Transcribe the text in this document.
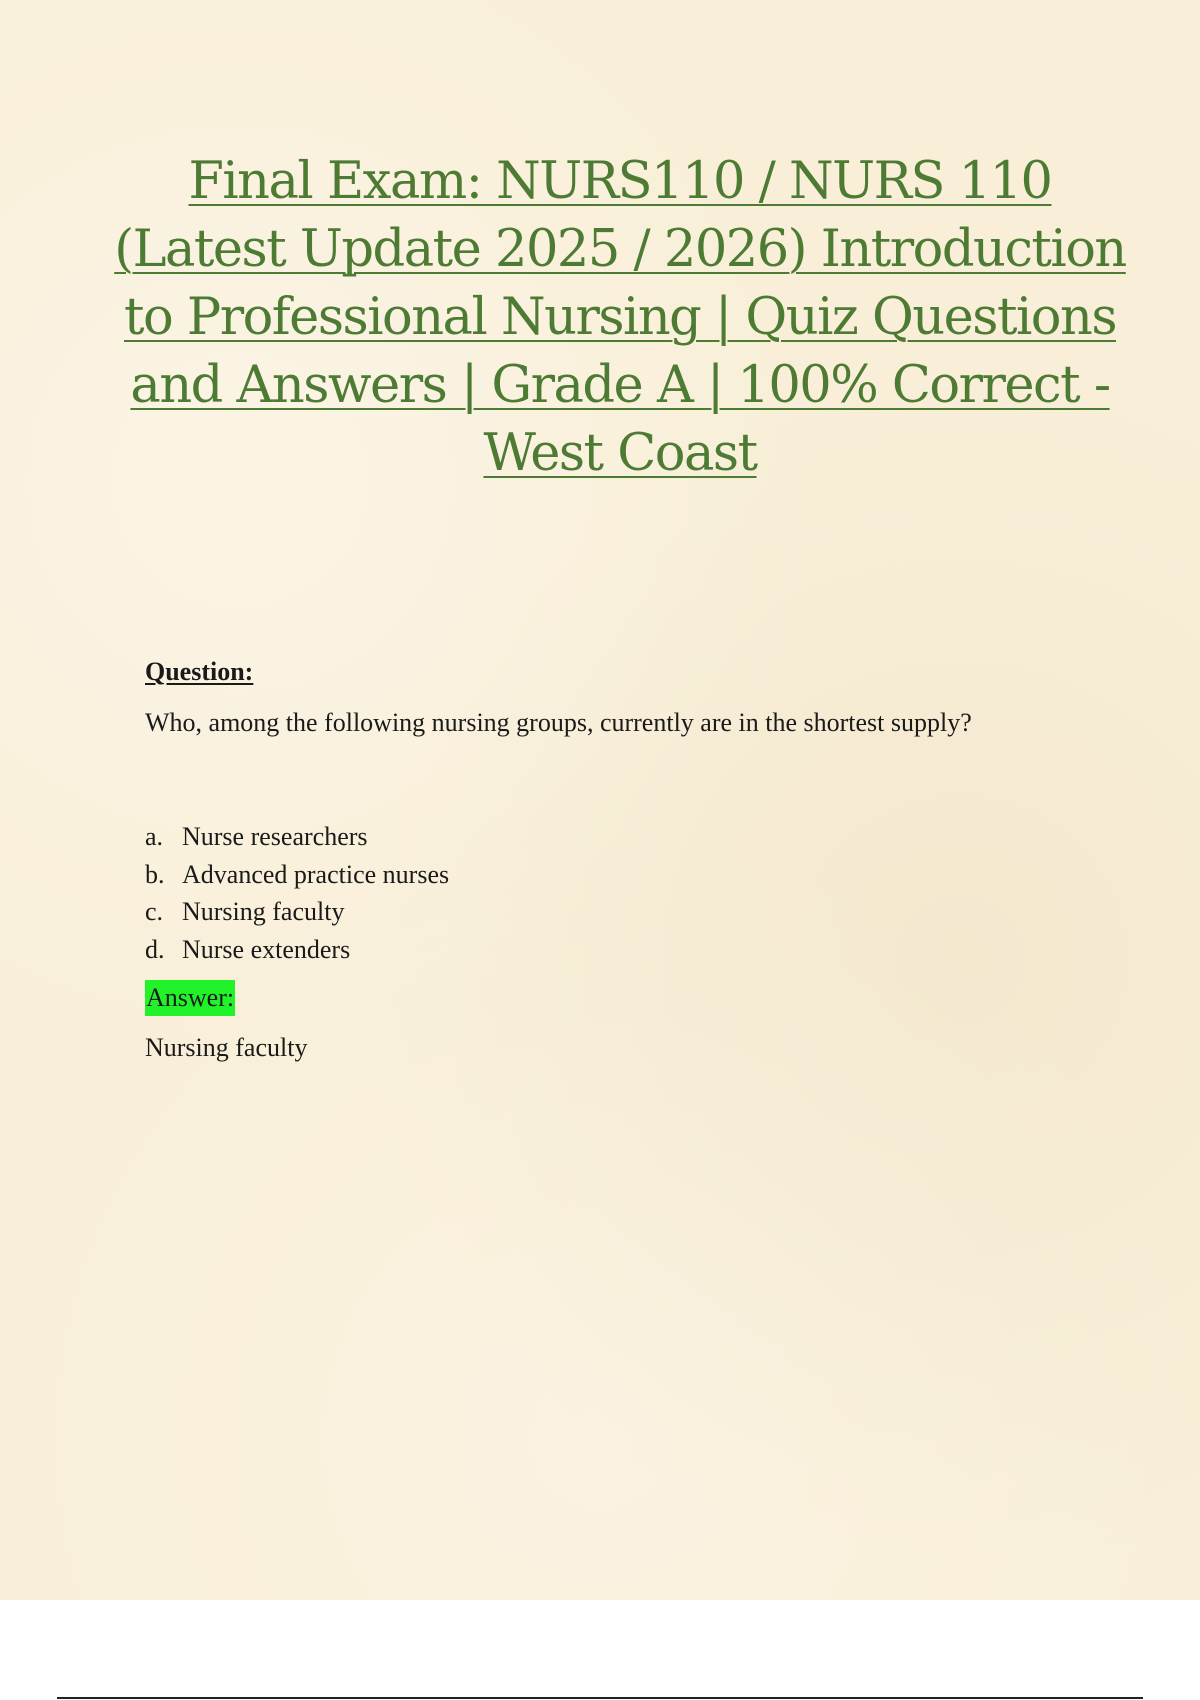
Final Exam: NURS110 / NURS 110 (Latest Update 2025 / 2026) Introduction to Professional Nursing | Quiz Questions and Answers | Grade A | 100% Correct - West Coast

Question:

Who, among the following nursing groups, currently are in the shortest supply?

a. Nurse researchers
b. Advanced practice nurses
c. Nursing faculty
d. Nurse extenders
Answer:

Nursing faculty
